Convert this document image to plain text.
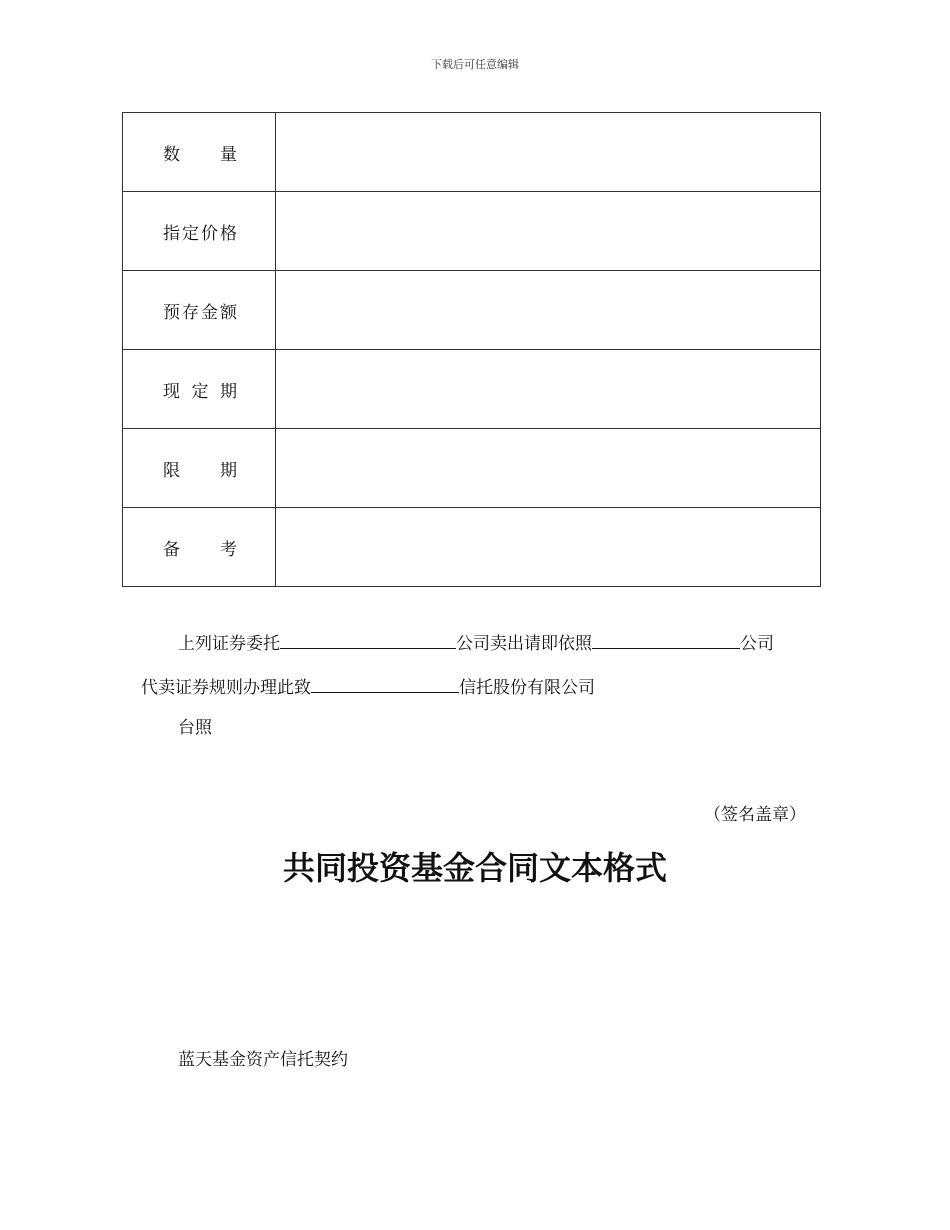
下载后可任意编辑
数　量	
指定价格	
预存金额	
现 定 期	
限　期	
备　考	
上列证券委托	公司卖出请即依照	公司
代卖证券规则办理此致	信托股份有限公司
台照
（签名盖章）
共同投资基金合同文本格式
蓝天基金资产信托契约
